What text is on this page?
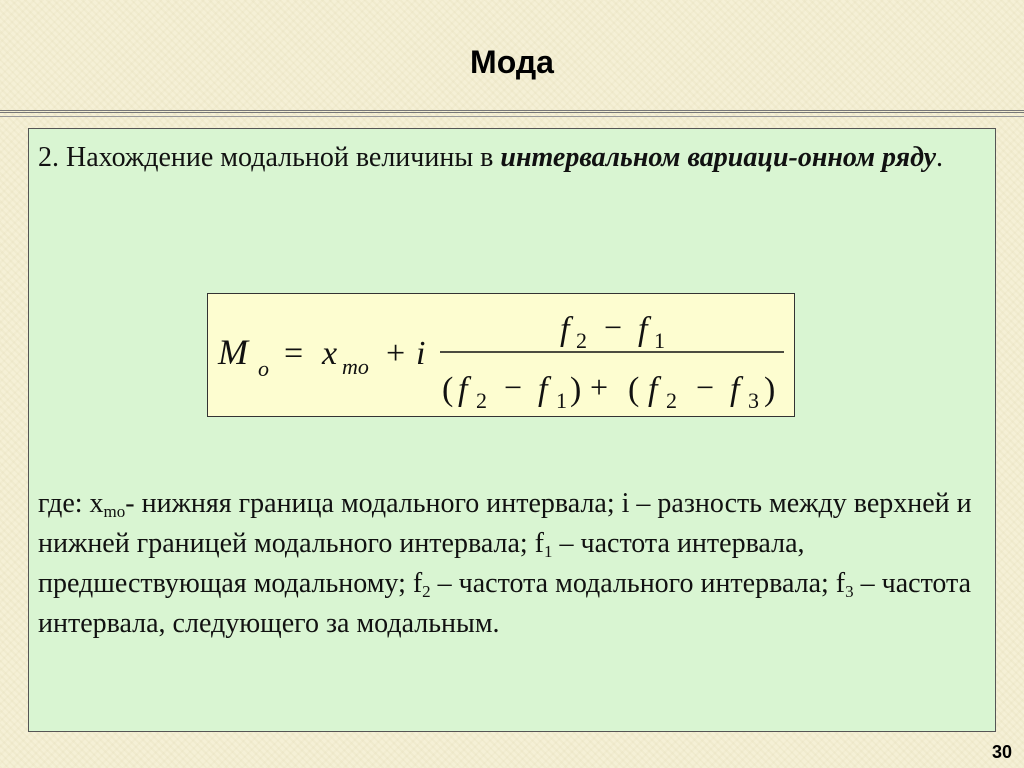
Мода
2. Нахождение модальной величины в интервальном вариаци-онном ряду.
M o = x mo + i
f 2 − f 1
( f 2 − f 1 ) + ( f 2 − f 3 )
где: $x_{mo}-$ нижняя граница модального интервала; i – разность между верхней и нижней границей модального интервала; $f_1$ – частота интервала, предшествующая модальному; $f_2$ – частота модального интервала; $f_3$ – частота интервала, следующего за модальным.
30
